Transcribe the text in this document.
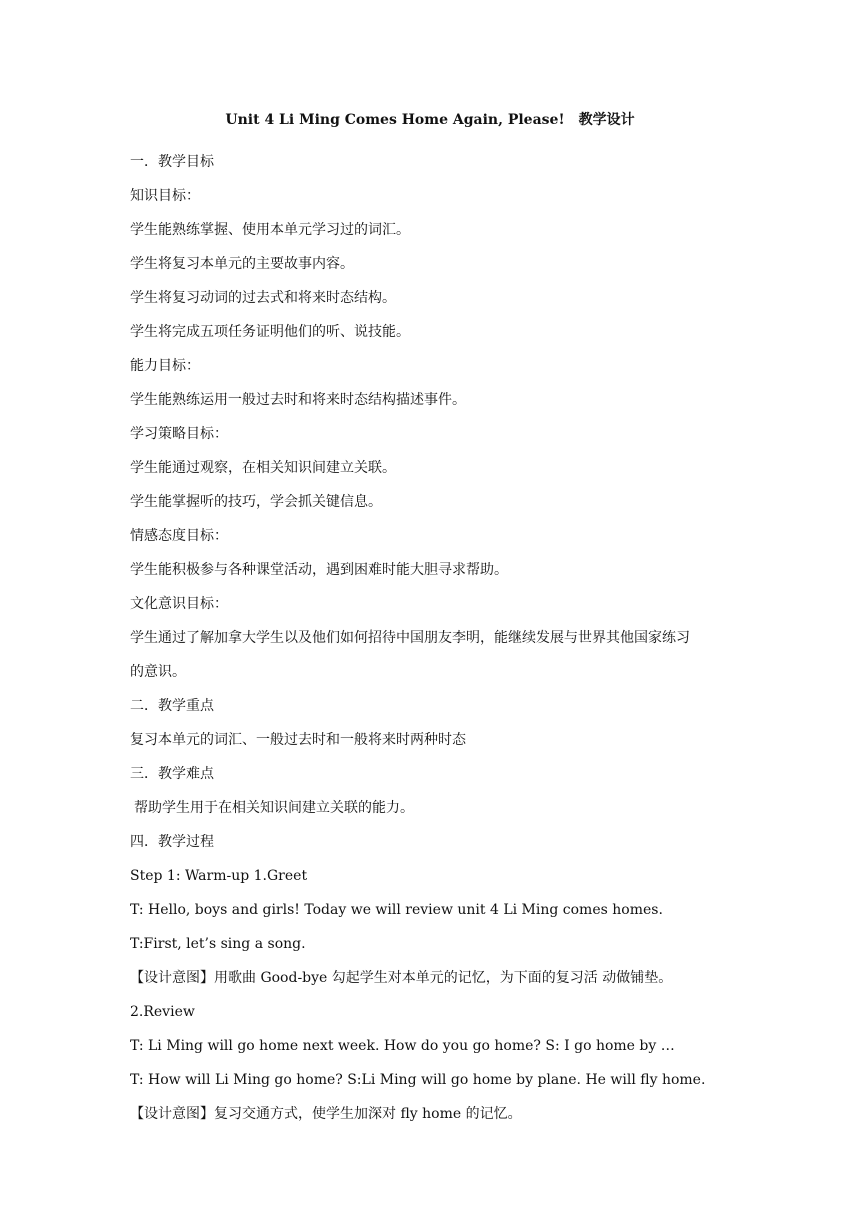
Unit 4 Li Ming Comes Home Again, Please!　教学设计

一．教学目标

知识目标：

学生能熟练掌握、使用本单元学习过的词汇。

学生将复习本单元的主要故事内容。

学生将复习动词的过去式和将来时态结构。

学生将完成五项任务证明他们的听、说技能。

能力目标：

学生能熟练运用一般过去时和将来时态结构描述事件。

学习策略目标：

学生能通过观察，在相关知识间建立关联。

学生能掌握听的技巧，学会抓关键信息。

情感态度目标：

学生能积极参与各种课堂活动，遇到困难时能大胆寻求帮助。

文化意识目标：

学生通过了解加拿大学生以及他们如何招待中国朋友李明，能继续发展与世界其他国家练习

的意识。

二．教学重点

复习本单元的词汇、一般过去时和一般将来时两种时态

三．教学难点

帮助学生用于在相关知识间建立关联的能力。

四．教学过程

Step 1: Warm-up 1.Greet

T: Hello, boys and girls! Today we will review unit 4 Li Ming comes homes.

T:First, let’s sing a song.

【设计意图】用歌曲 Good-bye 勾起学生对本单元的记忆，为下面的复习活 动做铺垫。

2.Review

T: Li Ming will go home next week. How do you go home? S: I go home by …

T: How will Li Ming go home? S:Li Ming will go home by plane. He will fly home.

【设计意图】复习交通方式，使学生加深对 fly home 的记忆。
